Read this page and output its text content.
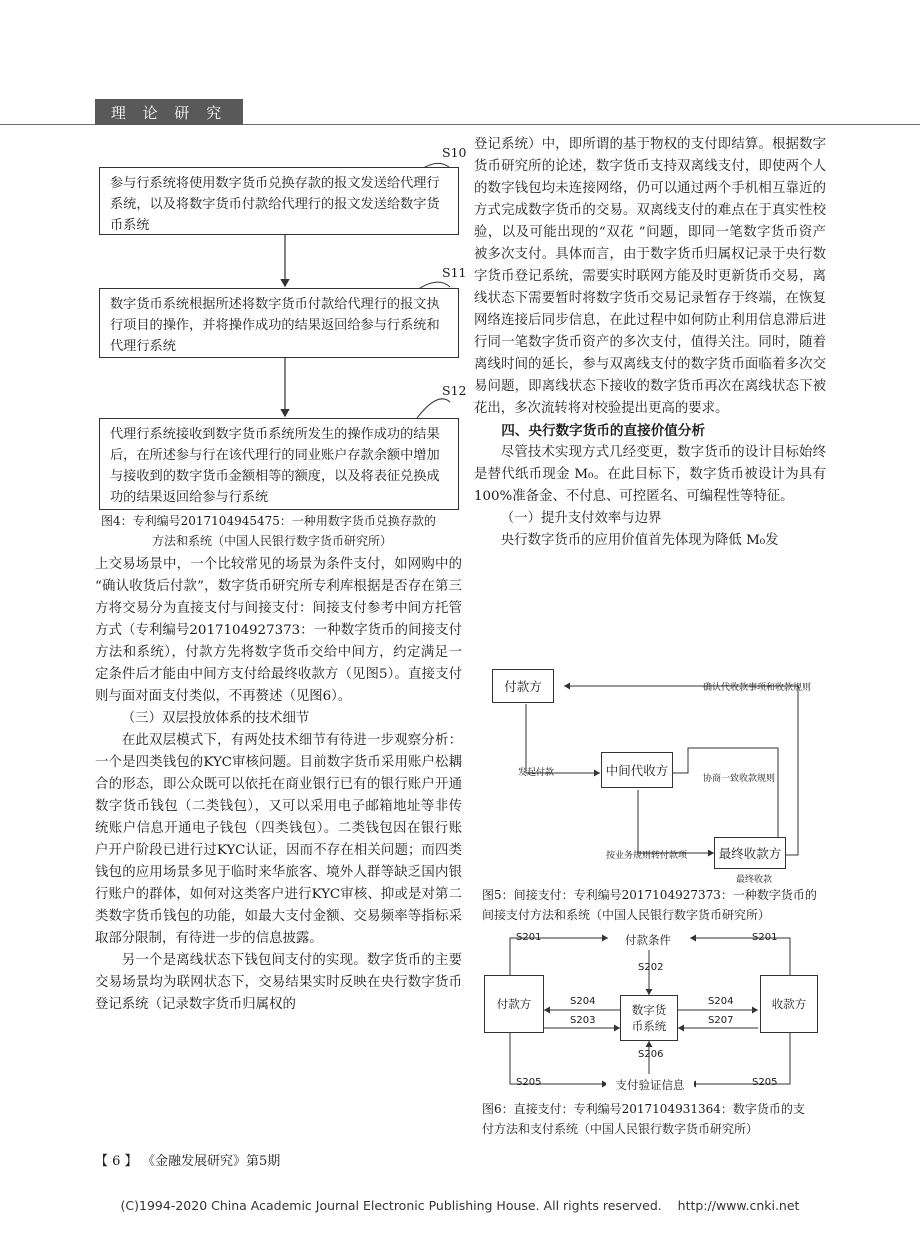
理 论 研 究
S10
S11
S12
参与行系统将使用数字货币兑换存款的报文发送给代理行系统，以及将数字货币付款给代理行的报文发送给数字货币系统
数字货币系统根据所述将数字货币付款给代理行的报文执行项目的操作，并将操作成功的结果返回给参与行系统和代理行系统
代理行系统接收到数字货币系统所发生的操作成功的结果后，在所述参与行在该代理行的同业账户存款余额中增加与接收到的数字货币金额相等的额度，以及将表征兑换成功的结果返回给参与行系统
图4：专利编号2017104945475：一种用数字货币兑换存款的
方法和系统（中国人民银行数字货币研究所）

上交易场景中，一个比较常见的场景为条件支付，如网购中的 “确认收货后付款”，数字货币研究所专利库根据是否存在第三方将交易分为直接支付与间接支付：间接支付参考中间方托管方式（专利编号2017104927373：一种数字货币的间接支付方法和系统），付款方先将数字货币交给中间方，约定满足一定条件后才能由中间方支付给最终收款方（见图5）。直接支付则与面对面支付类似，不再赘述（见图6）。

（三）双层投放体系的技术细节

在此双层模式下，有两处技术细节有待进一步观察分析：一个是四类钱包的KYC审核问题。目前数字货币采用账户松耦合的形态，即公众既可以依托在商业银行已有的银行账户开通数字货币钱包（二类钱包），又可以采用电子邮箱地址等非传统账户信息开通电子钱包（四类钱包）。二类钱包因在银行账户开户阶段已进行过KYC认证，因而不存在相关问题；而四类钱包的应用场景多见于临时来华旅客、境外人群等缺乏国内银行账户的群体，如何对这类客户进行KYC审核、抑或是对第二类数字货币钱包的功能，如最大支付金额、交易频率等指标采取部分限制，有待进一步的信息披露。

另一个是离线状态下钱包间支付的实现。数字货币的主要交易场景均为联网状态下，交易结果实时反映在央行数字货币登记系统（记录数字货币归属权的

登记系统）中，即所谓的基于物权的支付即结算。根据数字货币研究所的论述，数字货币支持双离线支付，即使两个人的数字钱包均未连接网络，仍可以通过两个手机相互靠近的方式完成数字货币的交易。双离线支付的难点在于真实性校验，以及可能出现的“双花 ”问题，即同一笔数字货币资产被多次支付。具体而言，由于数字货币归属权记录于央行数字货币登记系统，需要实时联网方能及时更新货币交易，离线状态下需要暂时将数字货币交易记录暂存于终端，在恢复网络连接后同步信息，在此过程中如何防止利用信息滞后进行同一笔数字货币资产的多次支付，值得关注。同时，随着离线时间的延长，参与双离线支付的数字货币面临着多次交易问题，即离线状态下接收的数字货币再次在离线状态下被花出，多次流转将对校验提出更高的要求。

四、央行数字货币的直接价值分析

尽管技术实现方式几经变更，数字货币的设计目标始终是替代纸币现金 M₀。在此目标下，数字货币被设计为具有100%准备金、不付息、可控匿名、可编程性等特征。

（一）提升支付效率与边界

央行数字货币的应用价值首先体现为降低 M₀发

付款方
中间代收方
最终收款方
确认代收款事项和收款规则
发起付款
协商一致收款规则
按业务规则转付款项
最终收款
图5：间接支付：专利编号2017104927373：一种数字货币的
间接支付方法和系统（中国人民银行数字货币研究所）
付款条件
付款方	数字货币系统
收款方
支付验证信息
S201	S201
S202
S204
S203
S204
S207
S206
S205	S205
图6：直接支付：专利编号2017104931364：数字货币的支
付方法和支付系统（中国人民银行数字货币研究所）
【 6 】 《金融发展研究》第5期
(C)1994-2020 China Academic Journal Electronic Publishing House. All rights reserved.    http://www.cnki.net
